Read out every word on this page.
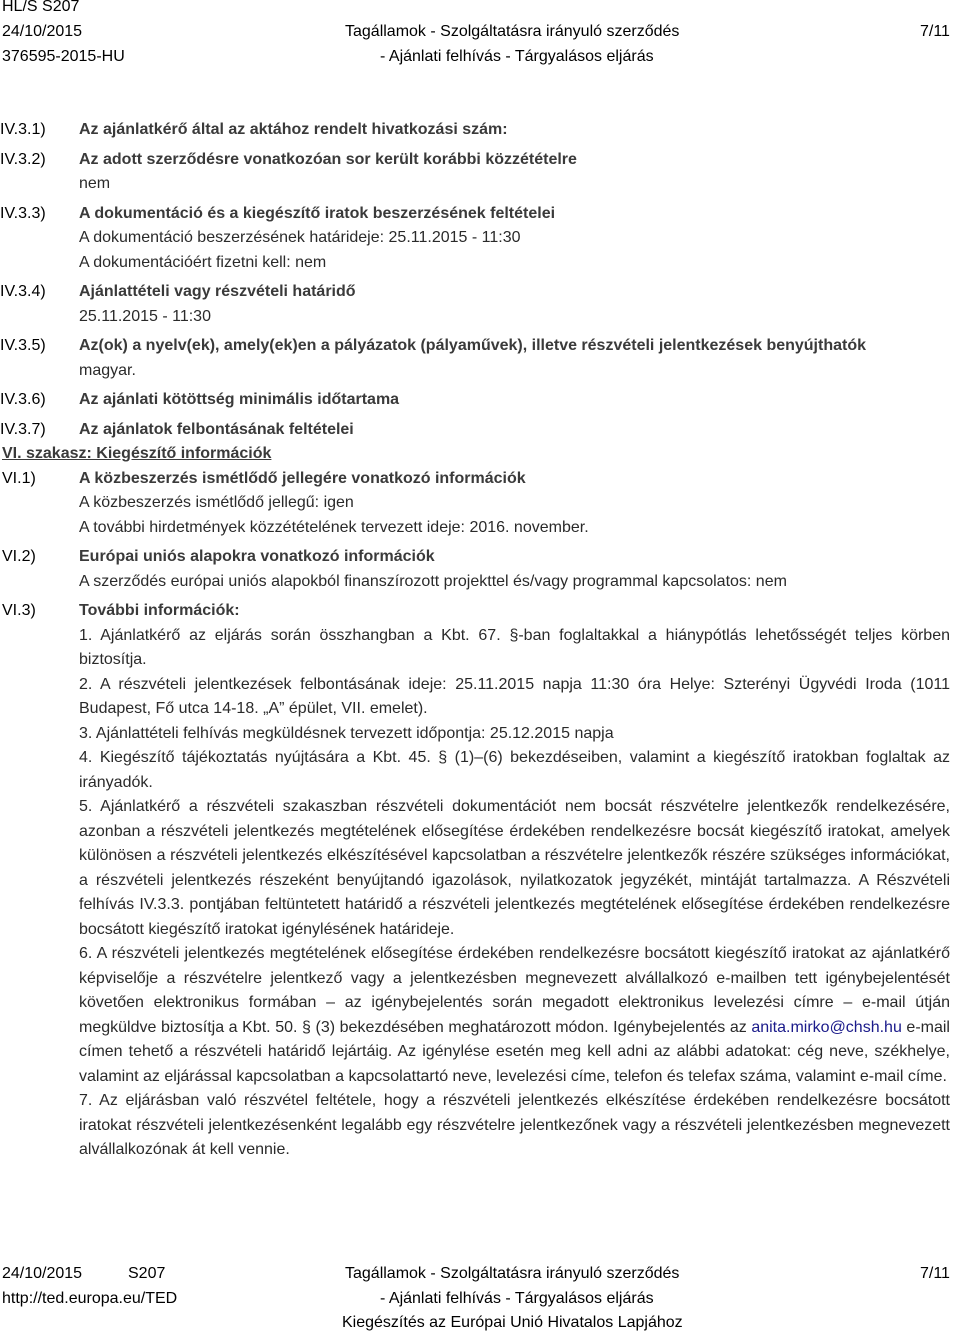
HL/S S207
24/10/2015	Tagállamok - Szolgáltatásra irányuló szerződés	7/11
376595-2015-HU	- Ajánlati felhívás - Tárgyalásos eljárás
IV.3.1)	Az ajánlatkérő által az aktához rendelt hivatkozási szám:
IV.3.2)	Az adott szerződésre vonatkozóan sor került korábbi közzétételre
nem
IV.3.3)	A dokumentáció és a kiegészítő iratok beszerzésének feltételei
A dokumentáció beszerzésének határideje: 25.11.2015 - 11:30
A dokumentációért fizetni kell: nem
IV.3.4)	Ajánlattételi vagy részvételi határidő
25.11.2015 - 11:30
IV.3.5)	Az(ok) a nyelv(ek), amely(ek)en a pályázatok (pályaművek), illetve részvételi jelentkezések benyújthatók
magyar.
IV.3.6)	Az ajánlati kötöttség minimális időtartama
IV.3.7)	Az ajánlatok felbontásának feltételei
VI. szakasz: Kiegészítő információk
VI.1)	A közbeszerzés ismétlődő jellegére vonatkozó információk
A közbeszerzés ismétlődő jellegű: igen
A további hirdetmények közzétételének tervezett ideje: 2016. november.
VI.2)	Európai uniós alapokra vonatkozó információk
A szerződés európai uniós alapokból finanszírozott projekttel és/vagy programmal kapcsolatos: nem
VI.3)	További információk:
1. Ajánlatkérő az eljárás során összhangban a Kbt. 67. §-ban foglaltakkal a hiánypótlás lehetősségét teljes körben biztosítja.
2. A részvételi jelentkezések felbontásának ideje: 25.11.2015 napja 11:30 óra Helye: Szterényi Ügyvédi Iroda (1011 Budapest, Fő utca 14-18. „A” épület, VII. emelet).
3. Ajánlattételi felhívás megküldésnek tervezett időpontja: 25.12.2015 napja
4. Kiegészítő tájékoztatás nyújtására a Kbt. 45. § (1)–(6) bekezdéseiben, valamint a kiegészítő iratokban foglaltak az irányadók.
5. Ajánlatkérő a részvételi szakaszban részvételi dokumentációt nem bocsát részvételre jelentkezők rendelkezésére, azonban a részvételi jelentkezés megtételének elősegítése érdekében rendelkezésre bocsát kiegészítő iratokat, amelyek különösen a részvételi jelentkezés elkészítésével kapcsolatban a részvételre jelentkezők részére szükséges információkat, a részvételi jelentkezés részeként benyújtandó igazolások, nyilatkozatok jegyzékét, mintáját tartalmazza. A Részvételi felhívás IV.3.3. pontjában feltüntetett határidő a részvételi jelentkezés megtételének elősegítése érdekében rendelkezésre bocsátott kiegészítő iratokat igénylésének határideje.
6. A részvételi jelentkezés megtételének elősegítése érdekében rendelkezésre bocsátott kiegészítő iratokat az ajánlatkérő képviselője a részvételre jelentkező vagy a jelentkezésben megnevezett alvállalkozó e-mailben tett igénybejelentését követően elektronikus formában – az igénybejelentés során megadott elektronikus levelezési címre – e-mail útján megküldve biztosítja a Kbt. 50. § (3) bekezdésében meghatározott módon. Igénybejelentés az anita.mirko@chsh.hu e-mail címen tehető a részvételi határidő lejártáig. Az igénylése esetén meg kell adni az alábbi adatokat: cég neve, székhelye, valamint az eljárással kapcsolatban a kapcsolattartó neve, levelezési címe, telefon és telefax száma, valamint e-mail címe.
7. Az eljárásban való részvétel feltétele, hogy a részvételi jelentkezés elkészítése érdekében rendelkezésre bocsátott iratokat részvételi jelentkezésenként legalább egy részvételre jelentkezőnek vagy a részvételi jelentkezésben megnevezett alvállalkozónak át kell vennie.
24/10/2015	S207
http://ted.europa.eu/TED
Tagállamok - Szolgáltatásra irányuló szerződés
- Ajánlati felhívás - Tárgyalásos eljárás
Kiegészítés az Európai Unió Hivatalos Lapjához
7/11
